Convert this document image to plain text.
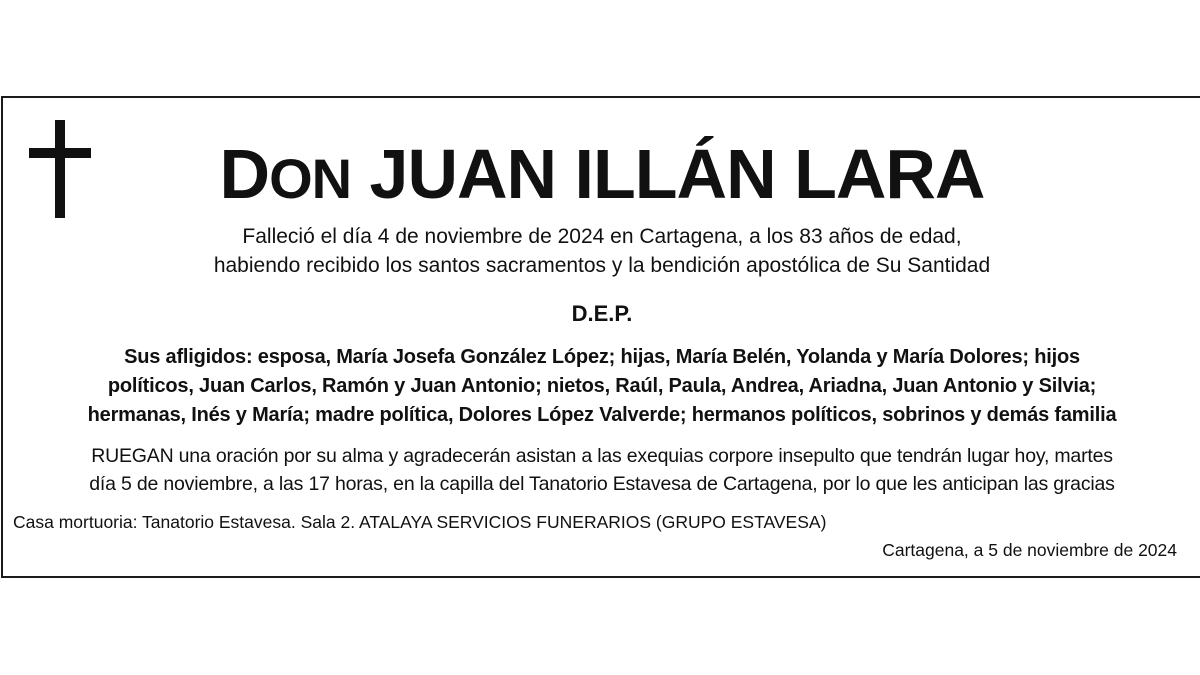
DON JUAN ILLÁN LARA
Falleció el día 4 de noviembre de 2024 en Cartagena, a los 83 años de edad,
habiendo recibido los santos sacramentos y la bendición apostólica de Su Santidad
D.E.P.
Sus afligidos: esposa, María Josefa González López; hijas, María Belén, Yolanda y María Dolores; hijos
políticos, Juan Carlos, Ramón y Juan Antonio; nietos, Raúl, Paula, Andrea, Ariadna, Juan Antonio y Silvia;
hermanas, Inés y María; madre política, Dolores López Valverde; hermanos políticos, sobrinos y demás familia
RUEGAN una oración por su alma y agradecerán asistan a las exequias corpore insepulto que tendrán lugar hoy, martes
día 5 de noviembre, a las 17 horas, en la capilla del Tanatorio Estavesa de Cartagena, por lo que les anticipan las gracias
Casa mortuoria: Tanatorio Estavesa. Sala 2. ATALAYA SERVICIOS FUNERARIOS (GRUPO ESTAVESA)
Cartagena, a 5 de noviembre de 2024
